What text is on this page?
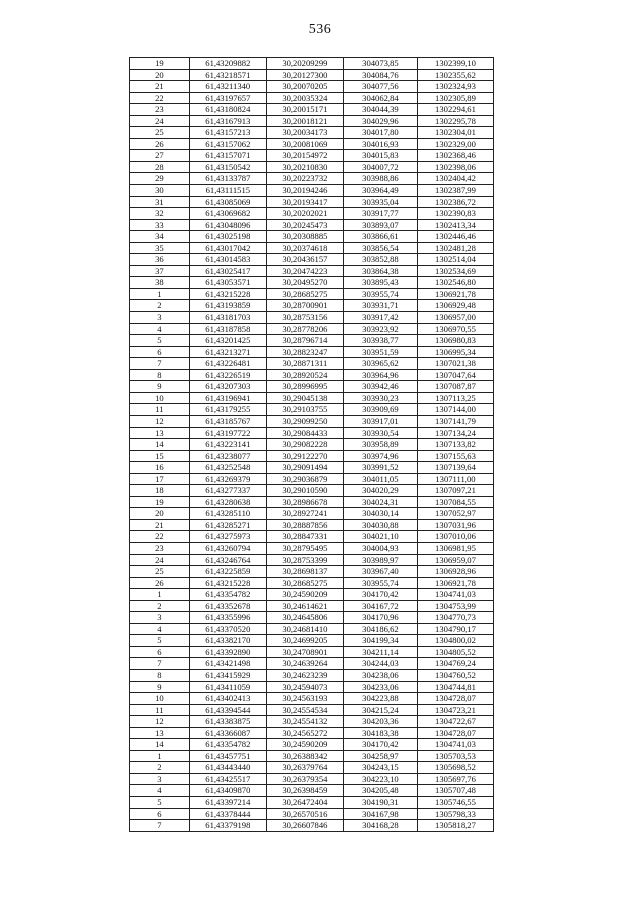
536
19	61,43209882	30,20209299	304073,85	1302399,10
20	61,43218571	30,20127300	304084,76	1302355,62
21	61,43211340	30,20070205	304077,56	1302324,93
22	61,43197657	30,20035324	304062,84	1302305,89
23	61,43180824	30,20015171	304044,39	1302294,61
24	61,43167913	30,20018121	304029,96	1302295,78
25	61,43157213	30,20034173	304017,80	1302304,01
26	61,43157062	30,20081069	304016,93	1302329,00
27	61,43157071	30,20154972	304015,83	1302368,46
28	61,43150542	30,20210830	304007,72	1302398,06
29	61,43133787	30,20223732	303988,86	1302404,42
30	61,43111515	30,20194246	303964,49	1302387,99
31	61,43085069	30,20193417	303935,04	1302386,72
32	61,43069682	30,20202021	303917,77	1302390,83
33	61,43048096	30,20245473	303893,07	1302413,34
34	61,43025198	30,20308885	303866,61	1302446,46
35	61,43017042	30,20374618	303856,54	1302481,28
36	61,43014583	30,20436157	303852,88	1302514,04
37	61,43025417	30,20474223	303864,38	1302534,69
38	61,43053571	30,20495270	303895,43	1302546,80
1	61,43215228	30,28685275	303955,74	1306921,78
2	61,43193859	30,28700901	303931,71	1306929,48
3	61,43181703	30,28753156	303917,42	1306957,00
4	61,43187858	30,28778206	303923,92	1306970,55
5	61,43201425	30,28796714	303938,77	1306980,83
6	61,43213271	30,28823247	303951,59	1306995,34
7	61,43226481	30,28871311	303965,62	1307021,38
8	61,43226519	30,28920524	303964,96	1307047,64
9	61,43207303	30,28996995	303942,46	1307087,87
10	61,43196941	30,29045138	303930,23	1307113,25
11	61,43179255	30,29103755	303909,69	1307144,00
12	61,43185767	30,29099250	303917,01	1307141,79
13	61,43197722	30,29084433	303930,54	1307134,24
14	61,43223141	30,29082228	303958,89	1307133,82
15	61,43238077	30,29122270	303974,96	1307155,63
16	61,43252548	30,29091494	303991,52	1307139,64
17	61,43269379	30,29036879	304011,05	1307111,00
18	61,43277337	30,29010590	304020,29	1307097,21
19	61,43280638	30,28986678	304024,31	1307084,55
20	61,43285110	30,28927241	304030,14	1307052,97
21	61,43285271	30,28887856	304030,88	1307031,96
22	61,43275973	30,28847331	304021,10	1307010,06
23	61,43260794	30,28795495	304004,93	1306981,95
24	61,43246764	30,28753399	303989,97	1306959,07
25	61,43225859	30,28698137	303967,40	1306928,96
26	61,43215228	30,28685275	303955,74	1306921,78
1	61,43354782	30,24590209	304170,42	1304741,03
2	61,43352678	30,24614621	304167,72	1304753,99
3	61,43355996	30,24645806	304170,96	1304770,73
4	61,43370520	30,24681410	304186,62	1304790,17
5	61,43382170	30,24699205	304199,34	1304800,02
6	61,43392890	30,24708901	304211,14	1304805,52
7	61,43421498	30,24639264	304244,03	1304769,24
8	61,43415929	30,24623239	304238,06	1304760,52
9	61,43411059	30,24594073	304233,06	1304744,81
10	61,43402413	30,24563193	304223,88	1304728,07
11	61,43394544	30,24554534	304215,24	1304723,21
12	61,43383875	30,24554132	304203,36	1304722,67
13	61,43366087	30,24565272	304183,38	1304728,07
14	61,43354782	30,24590209	304170,42	1304741,03
1	61,43457751	30,26388342	304258,97	1305703,53
2	61,43443440	30,26379764	304243,15	1305698,52
3	61,43425517	30,26379354	304223,10	1305697,76
4	61,43409870	30,26398459	304205,48	1305707,48
5	61,43397214	30,26472404	304190,31	1305746,55
6	61,43378444	30,26570516	304167,98	1305798,33
7	61,43379198	30,26607846	304168,28	1305818,27
